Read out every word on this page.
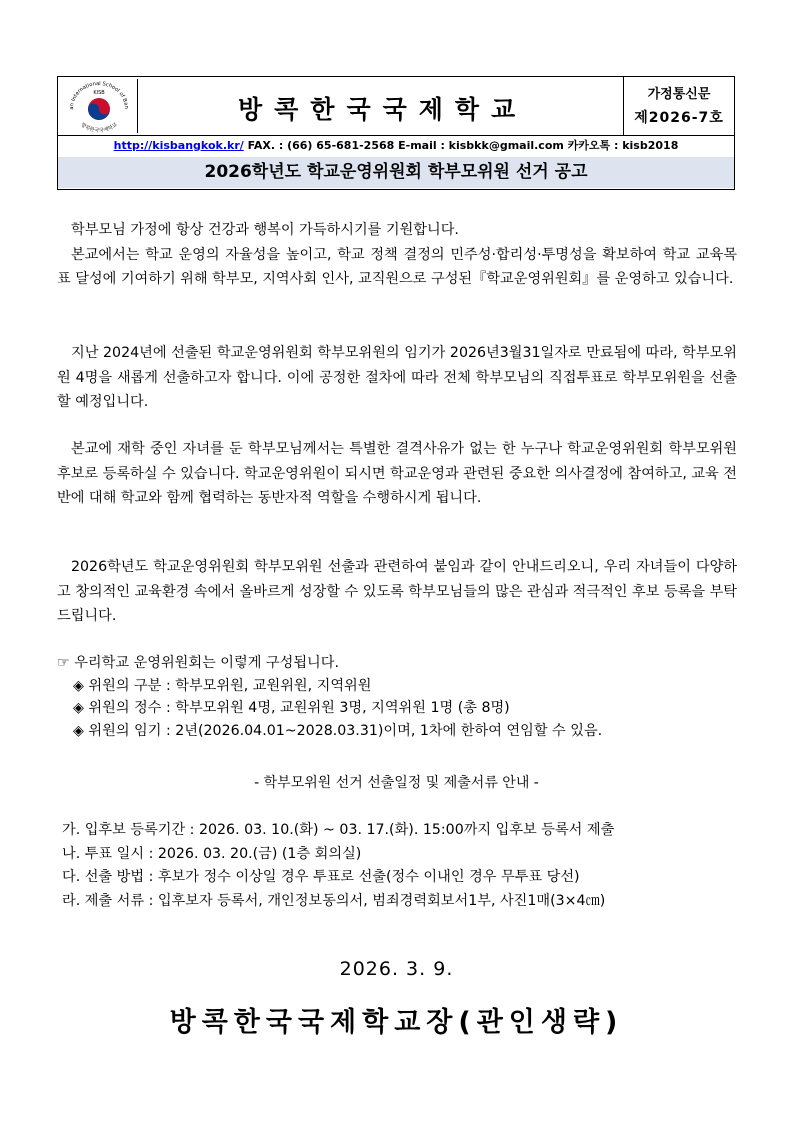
an International School of Ban
KISB
방콕한국국제학교
방콕한국국제학교
가정통신문
제2026-7호
http://kisbangkok.kr/ FAX. : (66) 65-681-2568 E-mail : kisbkk@gmail.com 카카오톡 : kisb2018
2026학년도 학교운영위원회 학부모위원 선거 공고
학부모님 가정에 항상 건강과 행복이 가득하시기를 기원합니다.
본교에서는 학교 운영의 자율성을 높이고, 학교 정책 결정의 민주성·합리성·투명성을 확보하여 학교 교육목표 달성에 기여하기 위해 학부모, 지역사회 인사, 교직원으로 구성된『학교운영위원회』를 운영하고 있습니다.

지난 2024년에 선출된 학교운영위원회 학부모위원의 임기가 2026년3월31일자로 만료됨에 따라, 학부모위원 4명을 새롭게 선출하고자 합니다. 이에 공정한 절차에 따라 전체 학부모님의 직접투표로 학부모위원을 선출할 예정입니다.

본교에 재학 중인 자녀를 둔 학부모님께서는 특별한 결격사유가 없는 한 누구나 학교운영위원회 학부모위원 후보로 등록하실 수 있습니다. 학교운영위원이 되시면 학교운영과 관련된 중요한 의사결정에 참여하고, 교육 전반에 대해 학교와 함께 협력하는 동반자적 역할을 수행하시게 됩니다.

2026학년도 학교운영위원회 학부모위원 선출과 관련하여 붙임과 같이 안내드리오니, 우리 자녀들이 다양하고 창의적인 교육환경 속에서 올바르게 성장할 수 있도록 학부모님들의 많은 관심과 적극적인 후보 등록을 부탁드립니다.

☞ 우리학교 운영위원회는 이렇게 구성됩니다.
◈ 위원의 구분 : 학부모위원, 교원위원, 지역위원
◈ 위원의 정수 : 학부모위원 4명, 교원위원 3명, 지역위원 1명 (총 8명)
◈ 위원의 임기 : 2년(2026.04.01~2028.03.31)이며, 1차에 한하여 연임할 수 있음.
- 학부모위원 선거 선출일정 및 제출서류 안내 -
가. 입후보 등록기간 : 2026. 03. 10.(화) ~ 03. 17.(화). 15:00까지 입후보 등록서 제출
나. 투표 일시 : 2026. 03. 20.(금) (1층 회의실)
다. 선출 방법 : 후보가 정수 이상일 경우 투표로 선출(정수 이내인 경우 무투표 당선)
라. 제출 서류 : 입후보자 등록서, 개인정보동의서, 범죄경력회보서1부, 사진1매(3×4㎝)
2026. 3. 9.
방콕한국국제학교장(관인생략)
